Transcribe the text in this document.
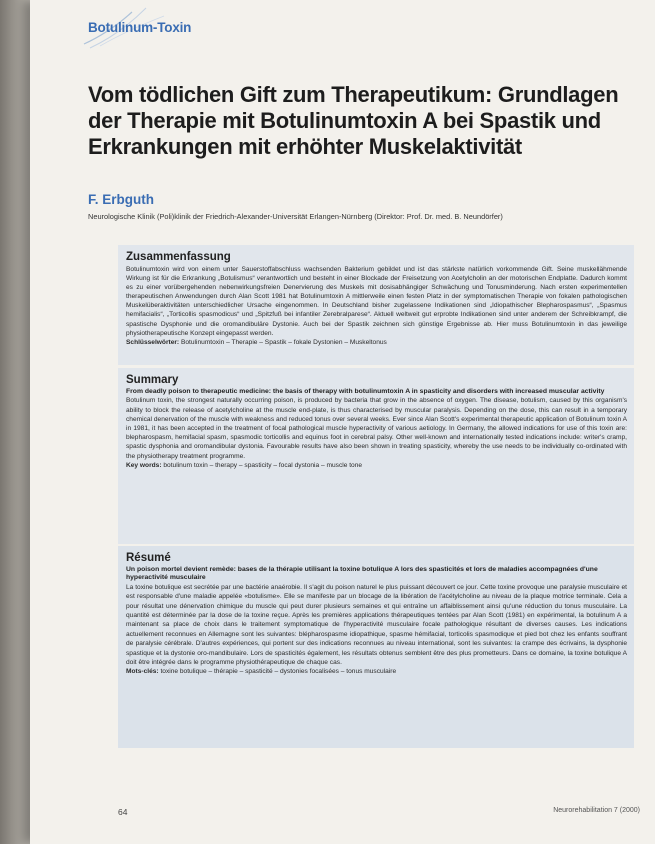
Botulinum-Toxin
Vom tödlichen Gift zum Therapeutikum: Grundlagen der Therapie mit Botulinumtoxin A bei Spastik und Erkrankungen mit erhöhter Muskelaktivität
F. Erbguth
Neurologische Klinik (Poli)klinik der Friedrich-Alexander-Universität Erlangen-Nürnberg (Direktor: Prof. Dr. med. B. Neundörfer)
Zusammenfassung

Botulinumtoxin wird von einem unter Sauerstoffabschluss wachsenden Bakterium gebildet und ist das stärkste natürlich vorkommende Gift. Seine muskellähmende Wirkung ist für die Erkrankung „Botulismus“ verantwortlich und besteht in einer Blockade der Freisetzung von Acetylcholin an der motorischen Endplatte. Dadurch kommt es zu einer vorübergehenden nebenwirkungsfreien Denervierung des Muskels mit dosisabhängiger Schwächung und Tonusminderung. Nach ersten experimentellen therapeutischen Anwendungen durch Alan Scott 1981 hat Botulinumtoxin A mittlerweile einen festen Platz in der symptomatischen Therapie von fokalen pathologischen Muskelüberaktivitäten unterschiedlicher Ursache eingenommen. In Deutschland bisher zugelassene Indikationen sind „Idiopathischer Blepharospasmus“, „Spasmus hemifacialis“, „Torticollis spasmodicus“ und „Spitzfuß bei infantiler Zerebralparese“. Aktuell weltweit gut erprobte Indikationen sind unter anderem der Schreibkrampf, die spastische Dysphonie und die oromandibuläre Dystonie. Auch bei der Spastik zeichnen sich günstige Ergebnisse ab. Hier muss Botulinumtoxin in das jeweilige physiotherapeutische Konzept eingepasst werden.

Schlüsselwörter: Botulinumtoxin – Therapie – Spastik – fokale Dystonien – Muskeltonus

Summary

From deadly poison to therapeutic medicine: the basis of therapy with botulinumtoxin A in spasticity and disorders with increased muscular activity

Botulinum toxin, the strongest naturally occurring poison, is produced by bacteria that grow in the absence of oxygen. The disease, botulism, caused by this organism's ability to block the release of acetylcholine at the muscle end-plate, is thus characterised by muscular paralysis. Depending on the dose, this can result in a temporary chemical denervation of the muscle with weakness and reduced tonus over several weeks. Ever since Alan Scott's experimental therapeutic application of Botulinum toxin A in 1981, it has been accepted in the treatment of focal pathological muscle hyperactivity of various aetiology. In Germany, the allowed indications for use of this toxin are: blepharospasm, hemifacial spasm, spasmodic torticollis and equinus foot in cerebral palsy. Other well-known and internationally tested indications include: writer's cramp, spastic dysphonia and oromandibular dystonia. Favourable results have also been shown in treating spasticity, whereby the use needs to be individually co-ordinated with the physiotherapy treatment programme.

Key words: botulinum toxin – therapy – spasticity – focal dystonia – muscle tone

Résumé

Un poison mortel devient remède: bases de la thérapie utilisant la toxine botulique A lors des spasticités et lors de maladies accompagnées d'une hyperactivité musculaire

La toxine botulique est secrétée par une bactérie anaérobie. Il s'agit du poison naturel le plus puissant découvert ce jour. Cette toxine provoque une paralysie musculaire et est responsable d'une maladie appelée «botulisme». Elle se manifeste par un blocage de la libération de l'acétylcholine au niveau de la plaque motrice terminale. Cela a pour résultat une dénervation chimique du muscle qui peut durer plusieurs semaines et qui entraîne un affaiblissement ainsi qu'une réduction du tonus musculaire. La quantité est déterminée par la dose de la toxine reçue. Après les premières applications thérapeutiques tentées par Alan Scott (1981) en expérimental, la botulinum A a maintenant sa place de choix dans le traitement symptomatique de l'hyperactivité musculaire focale pathologique résultant de diverses causes. Les indications actuellement reconnues en Allemagne sont les suivantes: blépharospasme idiopathique, spasme hémifacial, torticolis spasmodique et pied bot chez les enfants souffrant de paralysie cérébrale. D'autres expériences, qui portent sur des indications reconnues au niveau international, sont les suivantes: la crampe des écrivains, la dysphonie spastique et la dystonie oro-mandibulaire. Lors de spasticités également, les résultats obtenus semblent être des plus prometteurs. Dans ce domaine, la toxine botulique A doit être intégrée dans le programme physiothérapeutique de chaque cas.

Mots-clés: toxine botulique – thérapie – spasticité – dystonies focalisées – tonus musculaire

64	Neurorehabilitation 7 (2000)
